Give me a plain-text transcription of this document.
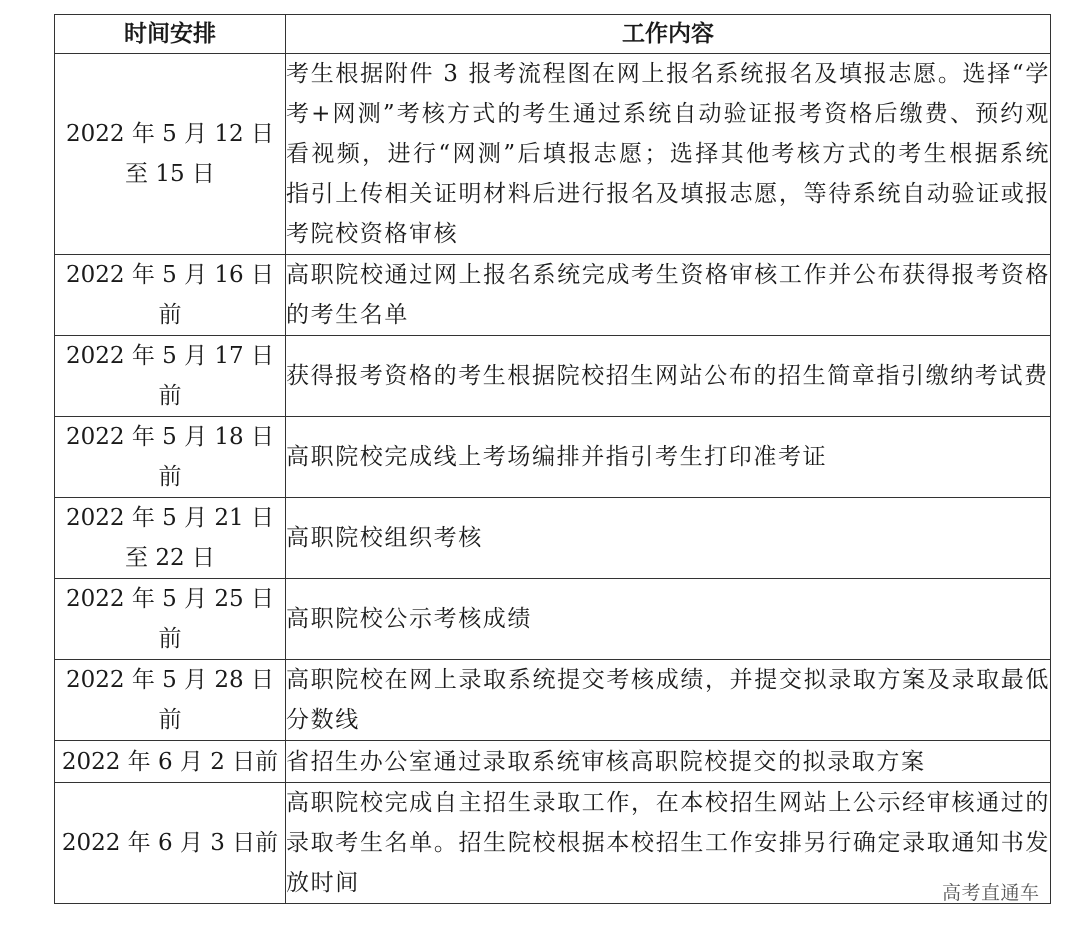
时间安排	工作内容
2022 年 5 月 12 日至 15 日	考生根据附件 3 报考流程图在网上报名系统报名及填报志愿。选择“学考+网测”考核方式的考生通过系统自动验证报考资格后缴费、预约观看视频，进行“网测”后填报志愿；选择其他考核方式的考生根据系统指引上传相关证明材料后进行报名及填报志愿，等待系统自动验证或报考院校资格审核
2022 年 5 月 16 日前	高职院校通过网上报名系统完成考生资格审核工作并公布获得报考资格的考生名单
2022 年 5 月 17 日前	获得报考资格的考生根据院校招生网站公布的招生简章指引缴纳考试费
2022 年 5 月 18 日前	高职院校完成线上考场编排并指引考生打印准考证
2022 年 5 月 21 日至 22 日	高职院校组织考核
2022 年 5 月 25 日前	高职院校公示考核成绩
2022 年 5 月 28 日前	高职院校在网上录取系统提交考核成绩，并提交拟录取方案及录取最低分数线
2022 年 6 月 2 日前	省招生办公室通过录取系统审核高职院校提交的拟录取方案
2022 年 6 月 3 日前	高职院校完成自主招生录取工作，在本校招生网站上公示经审核通过的录取考生名单。招生院校根据本校招生工作安排另行确定录取通知书发放时间	高考直通车
